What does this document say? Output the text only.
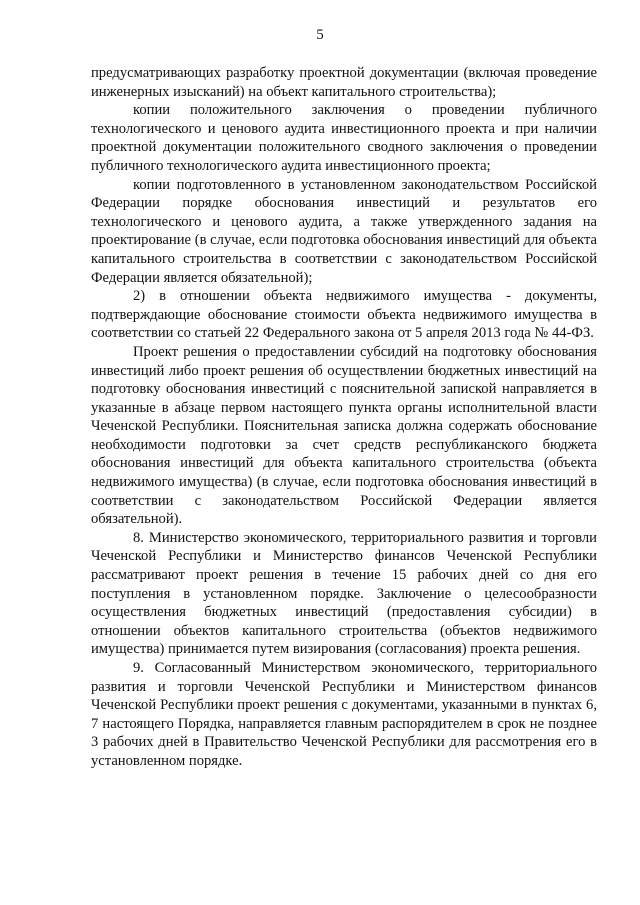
5

предусматривающих разработку проектной документации (включая проведение инженерных изысканий) на объект капитального строительства);

копии положительного заключения о проведении публичного технологического и ценового аудита инвестиционного проекта и при наличии проектной документации положительного сводного заключения о проведении публичного технологического аудита инвестиционного проекта;

копии подготовленного в установленном законодательством Российской Федерации порядке обоснования инвестиций и результатов его технологического и ценового аудита, а также утвержденного задания на проектирование (в случае, если подготовка обоснования инвестиций для объекта капитального строительства в соответствии с законодательством Российской Федерации является обязательной);

2) в отношении объекта недвижимого имущества - документы, подтверждающие обоснование стоимости объекта недвижимого имущества в соответствии со статьей 22 Федерального закона от 5 апреля 2013 года № 44-ФЗ.

Проект решения о предоставлении субсидий на подготовку обоснования инвестиций либо проект решения об осуществлении бюджетных инвестиций на подготовку обоснования инвестиций с пояснительной запиской направляется в указанные в абзаце первом настоящего пункта органы исполнительной власти Чеченской Республики. Пояснительная записка должна содержать обоснование необходимости подготовки за счет средств республиканского бюджета обоснования инвестиций для объекта капитального строительства (объекта недвижимого имущества) (в случае, если подготовка обоснования инвестиций в соответствии с законодательством Российской Федерации является обязательной).

8. Министерство экономического, территориального развития и торговли Чеченской Республики и Министерство финансов Чеченской Республики рассматривают проект решения в течение 15 рабочих дней со дня его поступления в установленном порядке. Заключение о целесообразности осуществления бюджетных инвестиций (предоставления субсидии) в отношении объектов капитального строительства (объектов недвижимого имущества) принимается путем визирования (согласования) проекта решения.

9. Согласованный Министерством экономического, территориального развития и торговли Чеченской Республики и Министерством финансов Чеченской Республики проект решения с документами, указанными в пунктах 6, 7 настоящего Порядка, направляется главным распорядителем в срок не позднее 3 рабочих дней в Правительство Чеченской Республики для рассмотрения его в установленном порядке.
